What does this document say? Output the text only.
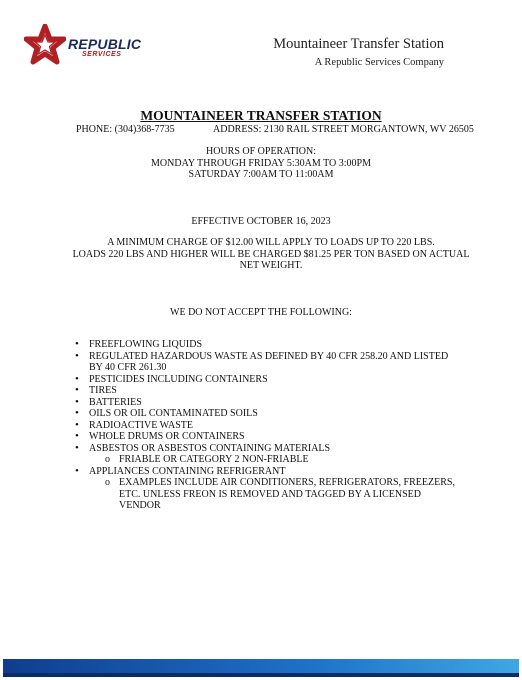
REPUBLIC
SERVICES
Mountaineer Transfer Station
A Republic Services Company
MOUNTAINEER TRANSFER STATION
PHONE: (304)368-7735	ADDRESS: 2130 RAIL STREET MORGANTOWN, WV 26505
HOURS OF OPERATION:
MONDAY THROUGH FRIDAY 5:30AM TO 3:00PM
SATURDAY 7:00AM TO 11:00AM
EFFECTIVE OCTOBER 16, 2023
A MINIMUM CHARGE OF $12.00 WILL APPLY TO LOADS UP TO 220 LBS.
LOADS 220 LBS AND HIGHER WILL BE CHARGED $81.25 PER TON BASED ON ACTUAL NET WEIGHT.
WE DO NOT ACCEPT THE FOLLOWING:
• FREEFLOWING LIQUIDS
• REGULATED HAZARDOUS WASTE AS DEFINED BY 40 CFR 258.20 AND LISTED BY 40 CFR 261.30
• PESTICIDES INCLUDING CONTAINERS
• TIRES
• BATTERIES
• OILS OR OIL CONTAMINATED SOILS
• RADIOACTIVE WASTE
• WHOLE DRUMS OR CONTAINERS
• ASBESTOS OR ASBESTOS CONTAINING MATERIALS
o FRIABLE OR CATEGORY 2 NON-FRIABLE
• APPLIANCES CONTAINING REFRIGERANT
o EXAMPLES INCLUDE AIR CONDITIONERS, REFRIGERATORS, FREEZERS, ETC. UNLESS FREON IS REMOVED AND TAGGED BY A LICENSED VENDOR
